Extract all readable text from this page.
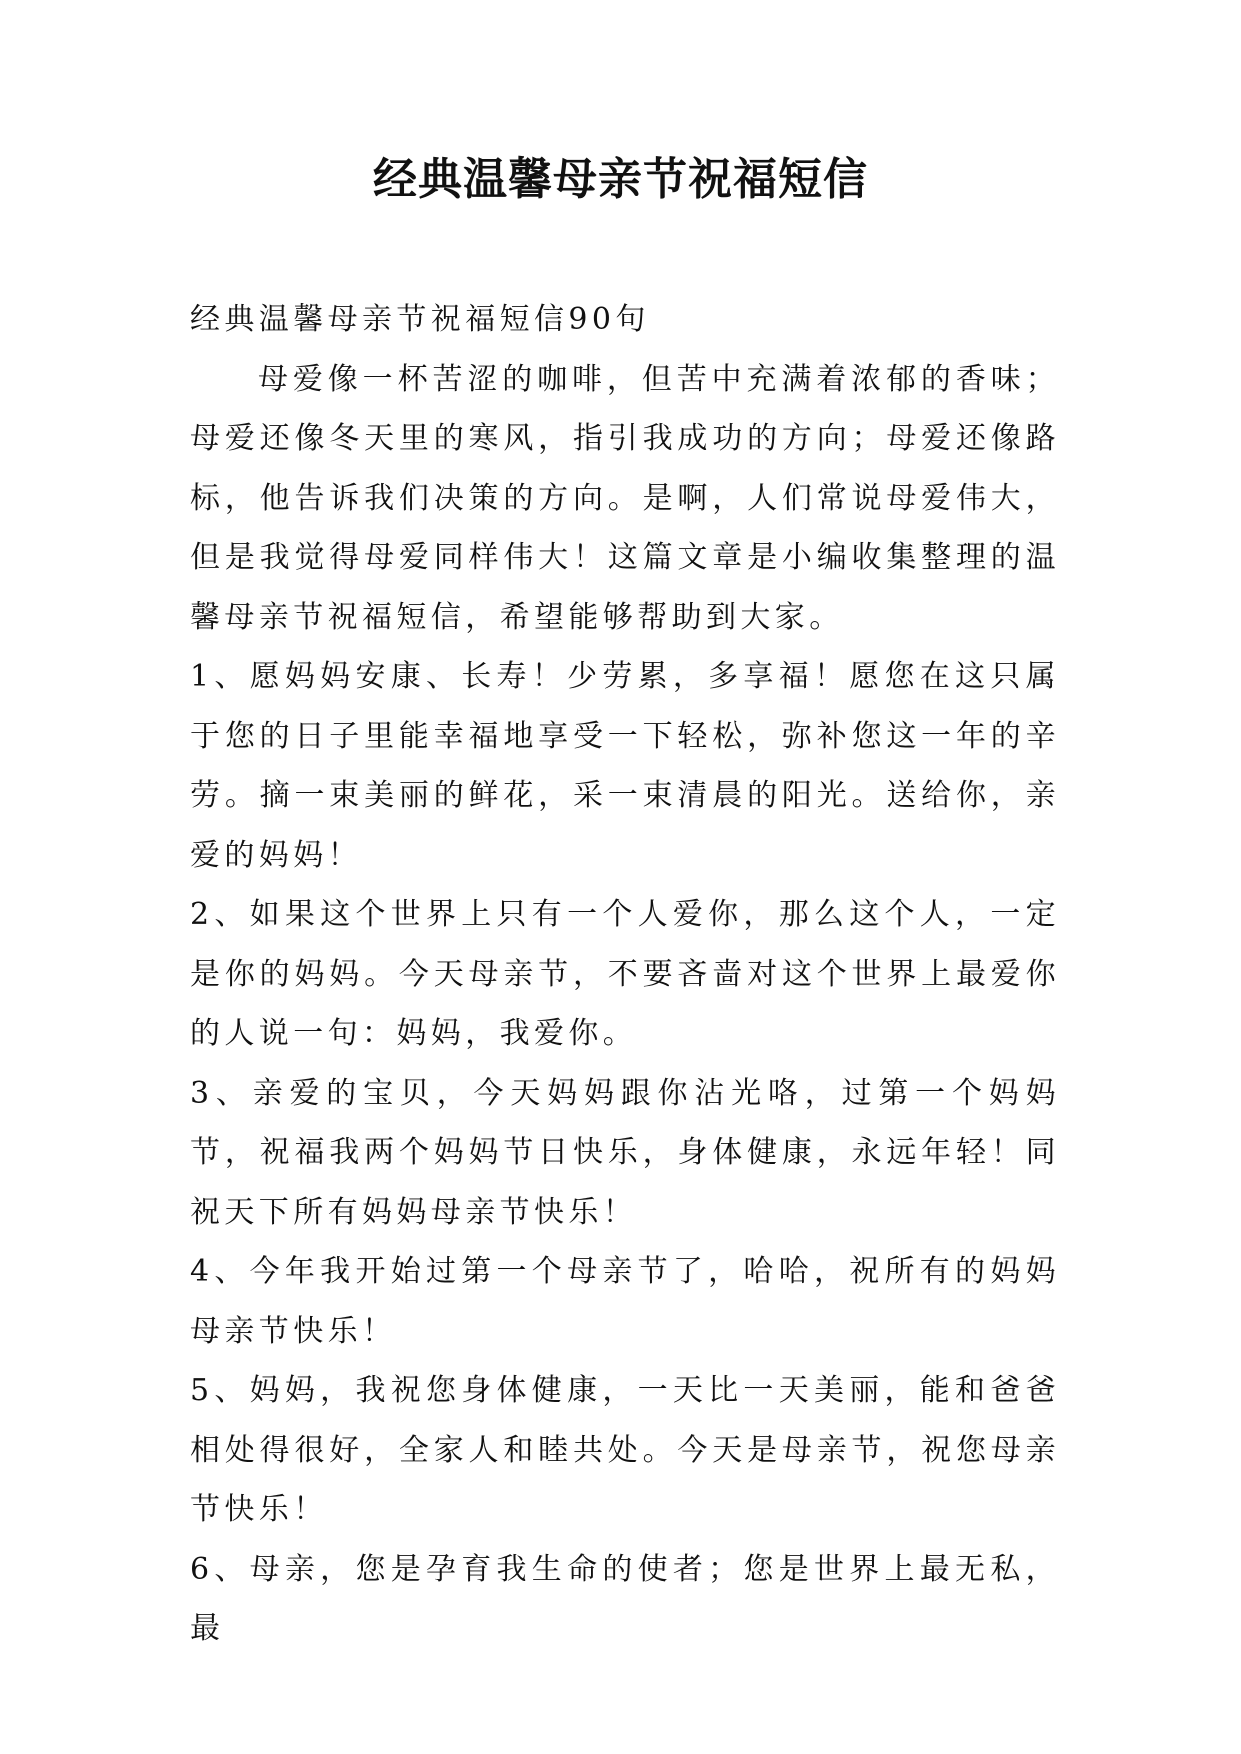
经典温馨母亲节祝福短信

经典温馨母亲节祝福短信90句

母爱像一杯苦涩的咖啡，但苦中充满着浓郁的香味；母爱还像冬天里的寒风，指引我成功的方向；母爱还像路标，他告诉我们决策的方向。是啊，人们常说母爱伟大，但是我觉得母爱同样伟大！这篇文章是小编收集整理的温馨母亲节祝福短信，希望能够帮助到大家。

1、愿妈妈安康、长寿！少劳累，多享福！愿您在这只属于您的日子里能幸福地享受一下轻松，弥补您这一年的辛劳。摘一束美丽的鲜花，采一束清晨的阳光。送给你，亲爱的妈妈！

2、如果这个世界上只有一个人爱你，那么这个人，一定是你的妈妈。今天母亲节，不要吝啬对这个世界上最爱你的人说一句：妈妈，我爱你。

3、亲爱的宝贝，今天妈妈跟你沾光咯，过第一个妈妈节，祝福我两个妈妈节日快乐，身体健康，永远年轻！同祝天下所有妈妈母亲节快乐！

4、今年我开始过第一个母亲节了，哈哈，祝所有的妈妈母亲节快乐！

5、妈妈，我祝您身体健康，一天比一天美丽，能和爸爸相处得很好，全家人和睦共处。今天是母亲节，祝您母亲节快乐！

6、母亲，您是孕育我生命的使者；您是世界上最无私，最
